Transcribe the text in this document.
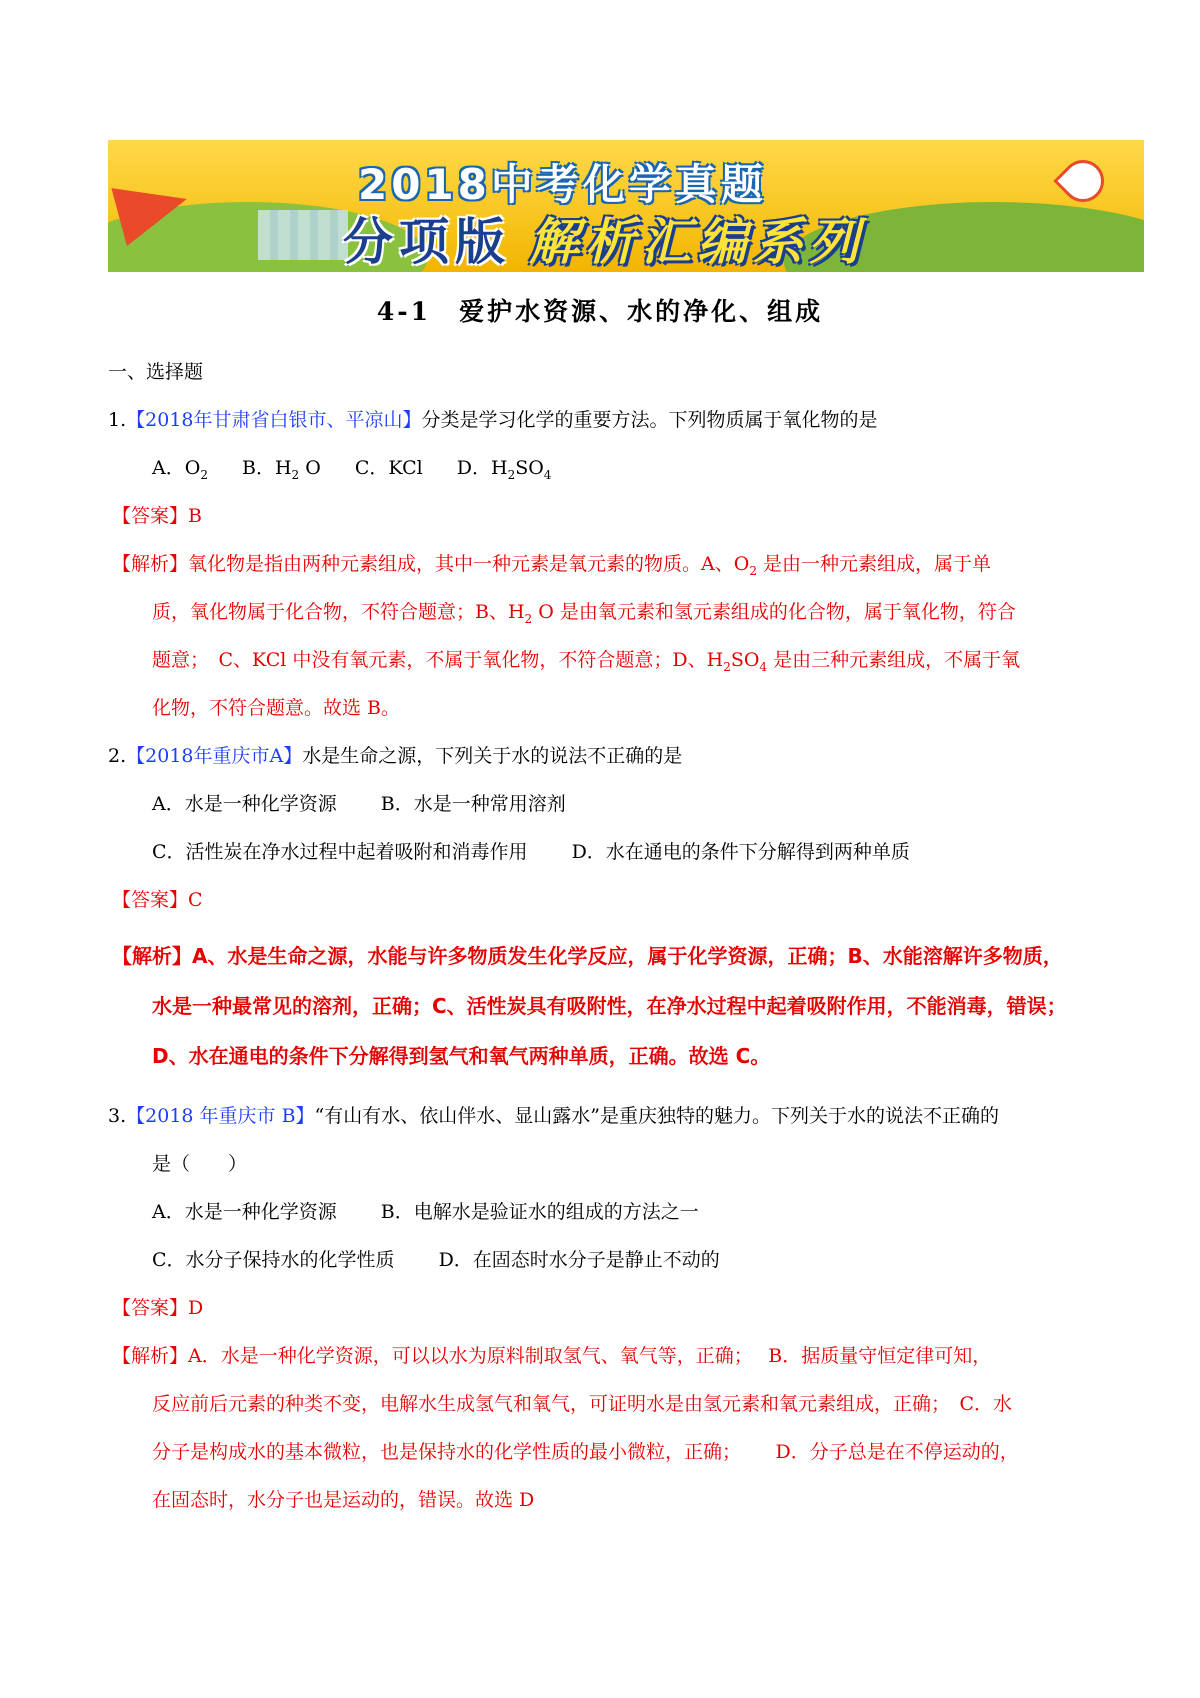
2018中考化学真题
分项版 解析汇编系列
4-1　爱护水资源、水的净化、组成
一、选择题
1.【2018年甘肃省白银市、平凉山】分类是学习化学的重要方法。下列物质属于氧化物的是
A．$O_2$ B．$H_2$ O C．KCl D．$H_2SO_4$
【答案】B
【解析】氧化物是指由两种元素组成，其中一种元素是氧元素的物质。A、$O_2$ 是由一种元素组成，属于单
质，氧化物属于化合物，不符合题意；B、$H_2$ O 是由氧元素和氢元素组成的化合物，属于氧化物，符合
题意；　C、KCl 中没有氧元素，不属于氧化物，不符合题意；D、$H_2SO_4$ 是由三种元素组成，不属于氧
化物，不符合题意。故选 B。
2.【2018年重庆市A】水是生命之源，下列关于水的说法不正确的是
A．水是一种化学资源　　 B．水是一种常用溶剂
C．活性炭在净水过程中起着吸附和消毒作用　　 D．水在通电的条件下分解得到两种单质
【答案】C
【解析】A、水是生命之源，水能与许多物质发生化学反应，属于化学资源，正确；B、水能溶解许多物质，
水是一种最常见的溶剂，正确；C、活性炭具有吸附性，在净水过程中起着吸附作用，不能消毒，错误；
D、水在通电的条件下分解得到氢气和氧气两种单质，正确。故选 C。
3.【2018 年重庆市 B】“有山有水、依山伴水、显山露水”是重庆独特的魅力。下列关于水的说法不正确的
是（　　）
A．水是一种化学资源　　 B．电解水是验证水的组成的方法之一
C．水分子保持水的化学性质　　 D．在固态时水分子是静止不动的
【答案】D
【解析】A．水是一种化学资源，可以以水为原料制取氢气、氧气等，正确；　 B．据质量守恒定律可知，
反应前后元素的种类不变，电解水生成氢气和氧气，可证明水是由氢元素和氧元素组成，正确；　C．水
分子是构成水的基本微粒，也是保持水的化学性质的最小微粒，正确；　　 D．分子总是在不停运动的，
在固态时，水分子也是运动的，错误。故选 D
